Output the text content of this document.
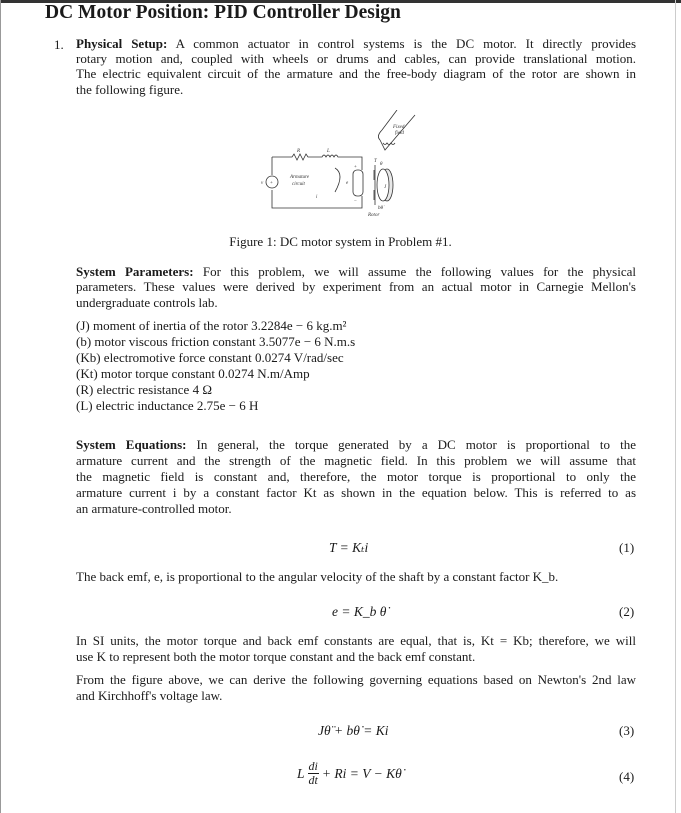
DC Motor Position: PID Controller Design
1. Physical Setup: A common actuator in control systems is the DC motor. It directly provides
rotary motion and, coupled with wheels or drums and cables, can provide translational motion.
The electric equivalent circuit of the armature and the free-body diagram of the rotor are shown in
the following figure.
R	L
v +
Armature
circuit
i
e
+
−
T
θ
J
bθ̇
Rotor
Fixed
field
Figure 1: DC motor system in Problem #1.
System Parameters: For this problem, we will assume the following values for the physical
parameters. These values were derived by experiment from an actual motor in Carnegie Mellon's
undergraduate controls lab.
(J) moment of inertia of the rotor 3.2284e − 6 kg.m²
(b) motor viscous friction constant 3.5077e − 6 N.m.s
(Kb) electromotive force constant 0.0274 V/rad/sec
(Kt) motor torque constant 0.0274 N.m/Amp
(R) electric resistance 4 Ω
(L) electric inductance 2.75e − 6 H
System Equations: In general, the torque generated by a DC motor is proportional to the
armature current and the strength of the magnetic field. In this problem we will assume that
the magnetic field is constant and, therefore, the motor torque is proportional to only the
armature current i by a constant factor Kt as shown in the equation below. This is referred to as
an armature-controlled motor.
T = Kₜi	(1)
The back emf, e, is proportional to the angular velocity of the shaft by a constant factor K_b.
e = K_b θ̇	(2)
In SI units, the motor torque and back emf constants are equal, that is, Kt = Kb; therefore, we will
use K to represent both the motor torque constant and the back emf constant.
From the figure above, we can derive the following governing equations based on Newton's 2nd law
and Kirchhoff's voltage law.
Jθ̈ + bθ̇ = Ki	(3)
L $\frac{di}{dt} + Ri = V$ − Kθ̇	(4)
